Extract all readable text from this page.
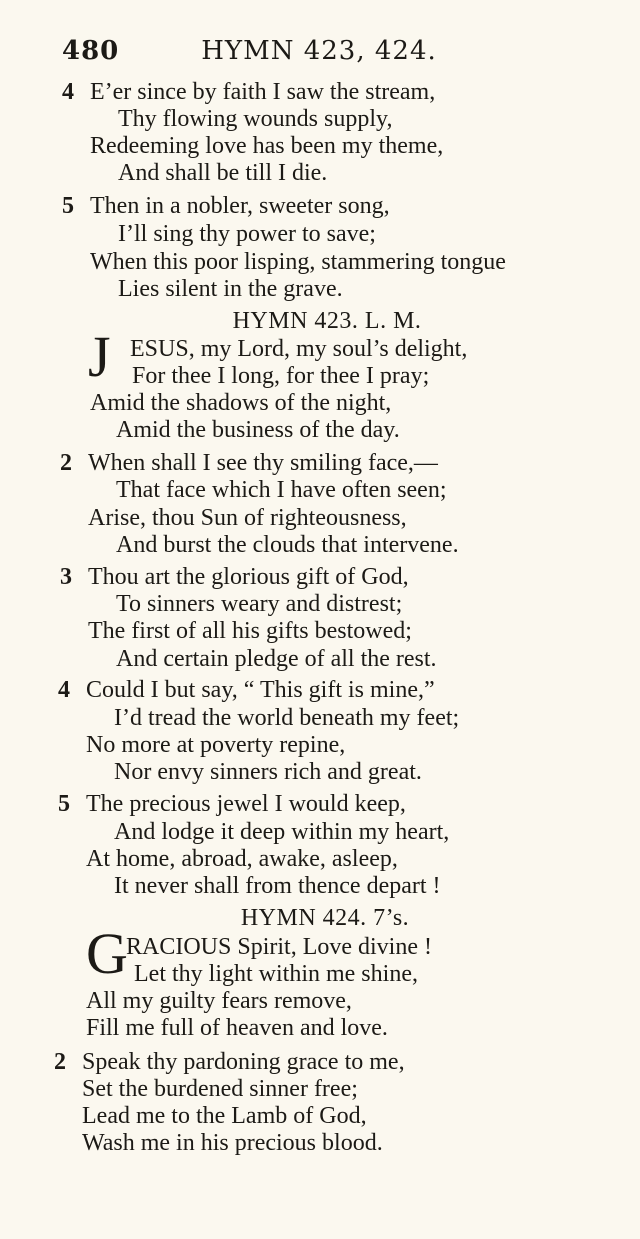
480	HYMN 423, 424.
4 E’er since by faith I saw the stream,
Thy flowing wounds supply,
Redeeming love has been my theme,
And shall be till I die.
5 Then in a nobler, sweeter song,
I’ll sing thy power to save;
When this poor lisping, stammering tongue
Lies silent in the grave.
HYMN 423. L. M.
J ESUS, my Lord, my soul’s delight,
For thee I long, for thee I pray;
Amid the shadows of the night,
Amid the business of the day.
2 When shall I see thy smiling face,—
That face which I have often seen;
Arise, thou Sun of righteousness,
And burst the clouds that intervene.
3 Thou art the glorious gift of God,
To sinners weary and distrest;
The first of all his gifts bestowed;
And certain pledge of all the rest.
4 Could I but say, “ This gift is mine,”
I’d tread the world beneath my feet;
No more at poverty repine,
Nor envy sinners rich and great.
5 The precious jewel I would keep,
And lodge it deep within my heart,
At home, abroad, awake, asleep,
It never shall from thence depart !
HYMN 424. 7’s.
G
RACIOUS Spirit, Love divine !
Let thy light within me shine,
All my guilty fears remove,
Fill me full of heaven and love.
2 Speak thy pardoning grace to me,
Set the burdened sinner free;
Lead me to the Lamb of God,
Wash me in his precious blood.
